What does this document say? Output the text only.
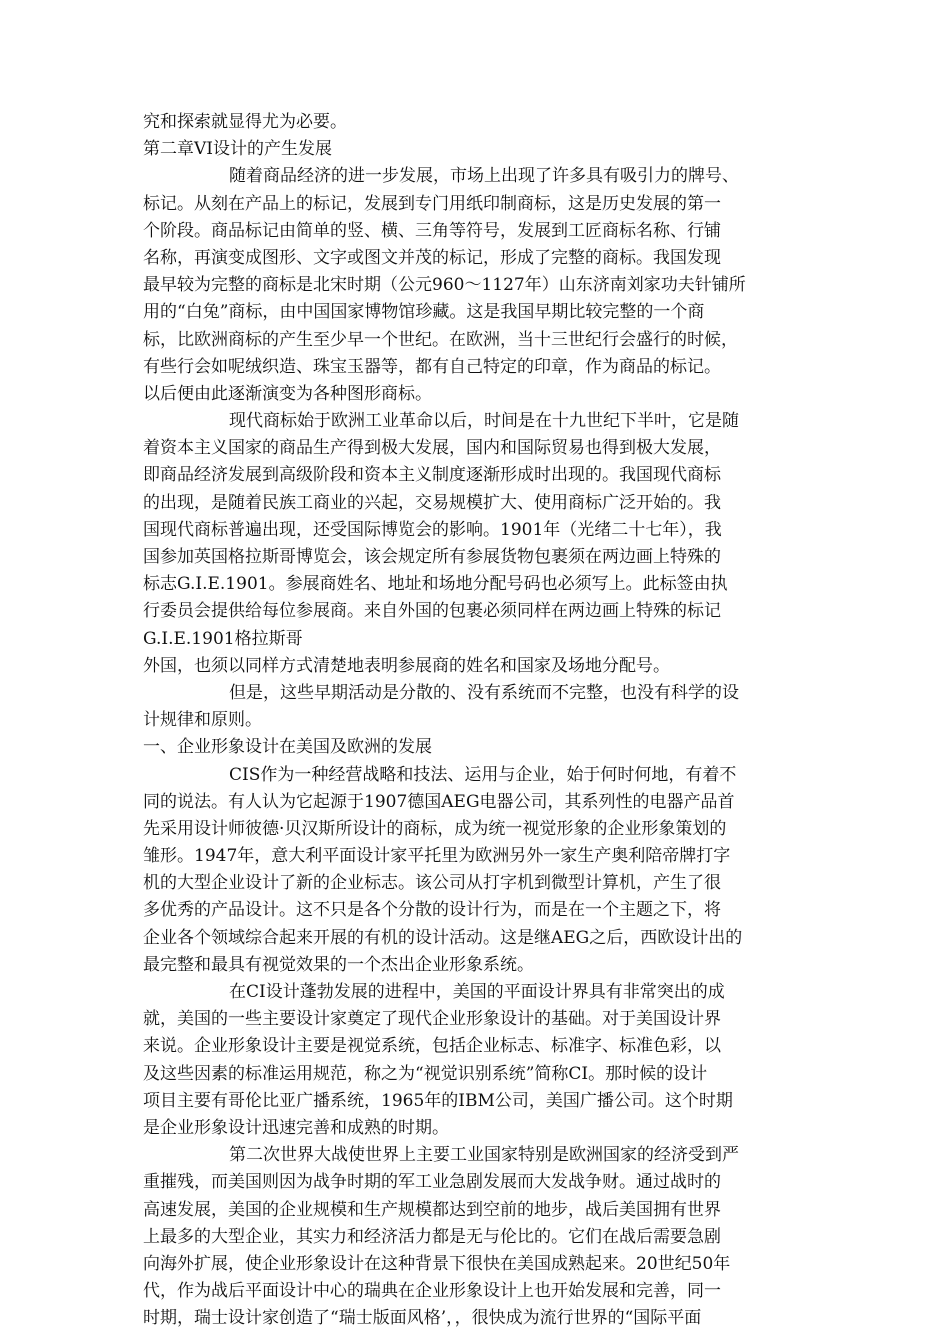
究和探索就显得尤为必要。
第二章VI设计的产生发展
随着商品经济的进一步发展，市场上出现了许多具有吸引力的牌号、
标记。从刻在产品上的标记，发展到专门用纸印制商标，这是历史发展的第一
个阶段。商品标记由简单的竖、横、三角等符号，发展到工匠商标名称、行铺
名称，再演变成图形、文字或图文并茂的标记，形成了完整的商标。我国发现
最早较为完整的商标是北宋时期（公元960～1127年）山东济南刘家功夫针铺所
用的“白兔”商标，由中国国家博物馆珍藏。这是我国早期比较完整的一个商
标，比欧洲商标的产生至少早一个世纪。在欧洲，当十三世纪行会盛行的时候，
有些行会如呢绒织造、珠宝玉器等，都有自己特定的印章，作为商品的标记。
以后便由此逐渐演变为各种图形商标。
现代商标始于欧洲工业革命以后，时间是在十九世纪下半叶，它是随
着资本主义国家的商品生产得到极大发展，国内和国际贸易也得到极大发展，
即商品经济发展到高级阶段和资本主义制度逐渐形成时出现的。我国现代商标
的出现，是随着民族工商业的兴起，交易规模扩大、使用商标广泛开始的。我
国现代商标普遍出现，还受国际博览会的影响。1901年（光绪二十七年），我
国参加英国格拉斯哥博览会，该会规定所有参展货物包裹须在两边画上特殊的
标志G.I.E.1901。参展商姓名、地址和场地分配号码也必须写上。此标签由执
行委员会提供给每位参展商。来自外国的包裹必须同样在两边画上特殊的标记
G.I.E.1901格拉斯哥
外国，也须以同样方式清楚地表明参展商的姓名和国家及场地分配号。
但是，这些早期活动是分散的、没有系统而不完整，也没有科学的设
计规律和原则。
一、企业形象设计在美国及欧洲的发展
CIS作为一种经营战略和技法、运用与企业，始于何时何地，有着不
同的说法。有人认为它起源于1907德国AEG电器公司，其系列性的电器产品首
先采用设计师彼德·贝汉斯所设计的商标，成为统一视觉形象的企业形象策划的
雏形。1947年，意大利平面设计家平托里为欧洲另外一家生产奥利陪帝牌打字
机的大型企业设计了新的企业标志。该公司从打字机到微型计算机，产生了很
多优秀的产品设计。这不只是各个分散的设计行为，而是在一个主题之下，将
企业各个领域综合起来开展的有机的设计活动。这是继AEG之后，西欧设计出的
最完整和最具有视觉效果的一个杰出企业形象系统。
在CI设计蓬勃发展的进程中，美国的平面设计界具有非常突出的成
就，美国的一些主要设计家奠定了现代企业形象设计的基础。对于美国设计界
来说。企业形象设计主要是视觉系统，包括企业标志、标准字、标准色彩，以
及这些因素的标准运用规范，称之为“视觉识别系统”简称CI。那时候的设计
项目主要有哥伦比亚广播系统，1965年的IBM公司，美国广播公司。这个时期
是企业形象设计迅速完善和成熟的时期。
第二次世界大战使世界上主要工业国家特别是欧洲国家的经济受到严
重摧残，而美国则因为战争时期的军工业急剧发展而大发战争财。通过战时的
高速发展，美国的企业规模和生产规模都达到空前的地步，战后美国拥有世界
上最多的大型企业，其实力和经济活力都是无与伦比的。它们在战后需要急剧
向海外扩展，使企业形象设计在这种背景下很快在美国成熟起来。20世纪50年
代，作为战后平面设计中心的瑞典在企业形象设计上也开始发展和完善，同一
时期，瑞士设计家创造了“瑞士版面风格’，，很快成为流行世界的“国际平面
